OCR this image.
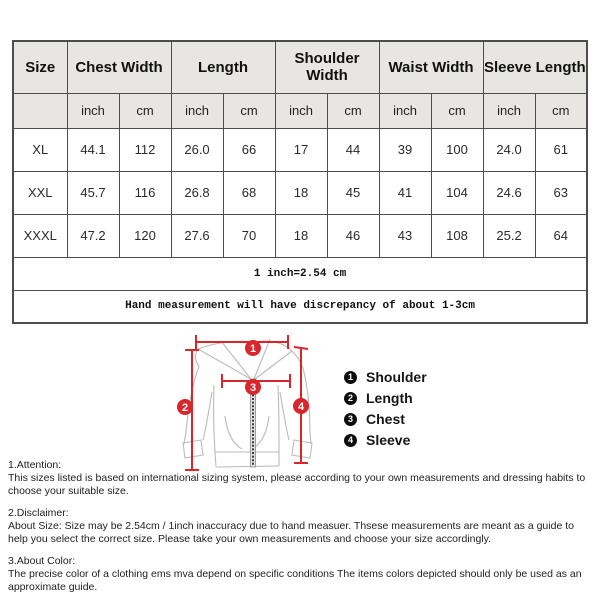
Size	Chest Width		Length		Shoulder Width		Waist Width		Sleeve Length	
	inch	cm	inch	cm	inch	cm	inch	cm	inch	cm
XL	44.1	112	26.0	66	17	44	39	100	24.0	61
XXL	45.7	116	26.8	68	18	45	41	104	24.6	63
XXXL	47.2	120	27.6	70	18	46	43	108	25.2	64
1 inch=2.54 cm										
Hand measurement will have discrepancy of about 1-3cm										
1
2
3
4
1 Shoulder
2 Length
3 Chest
4 Sleeve
1.Attention:
This sizes listed is based on international sizing system, please according to your own measurements and dressing habits to choose your suitable size.
2.Disclaimer:
About Size: Size may be 2.54cm / 1inch inaccuracy due to hand measuer. Thsese measurements are meant as a guide to help you select the correct size. Please take your own measurements and choose your size accordingly.
3.About Color:
The precise color of a clothing ems mva depend on specific conditions The items colors depicted should only be used as an approximate guide.
